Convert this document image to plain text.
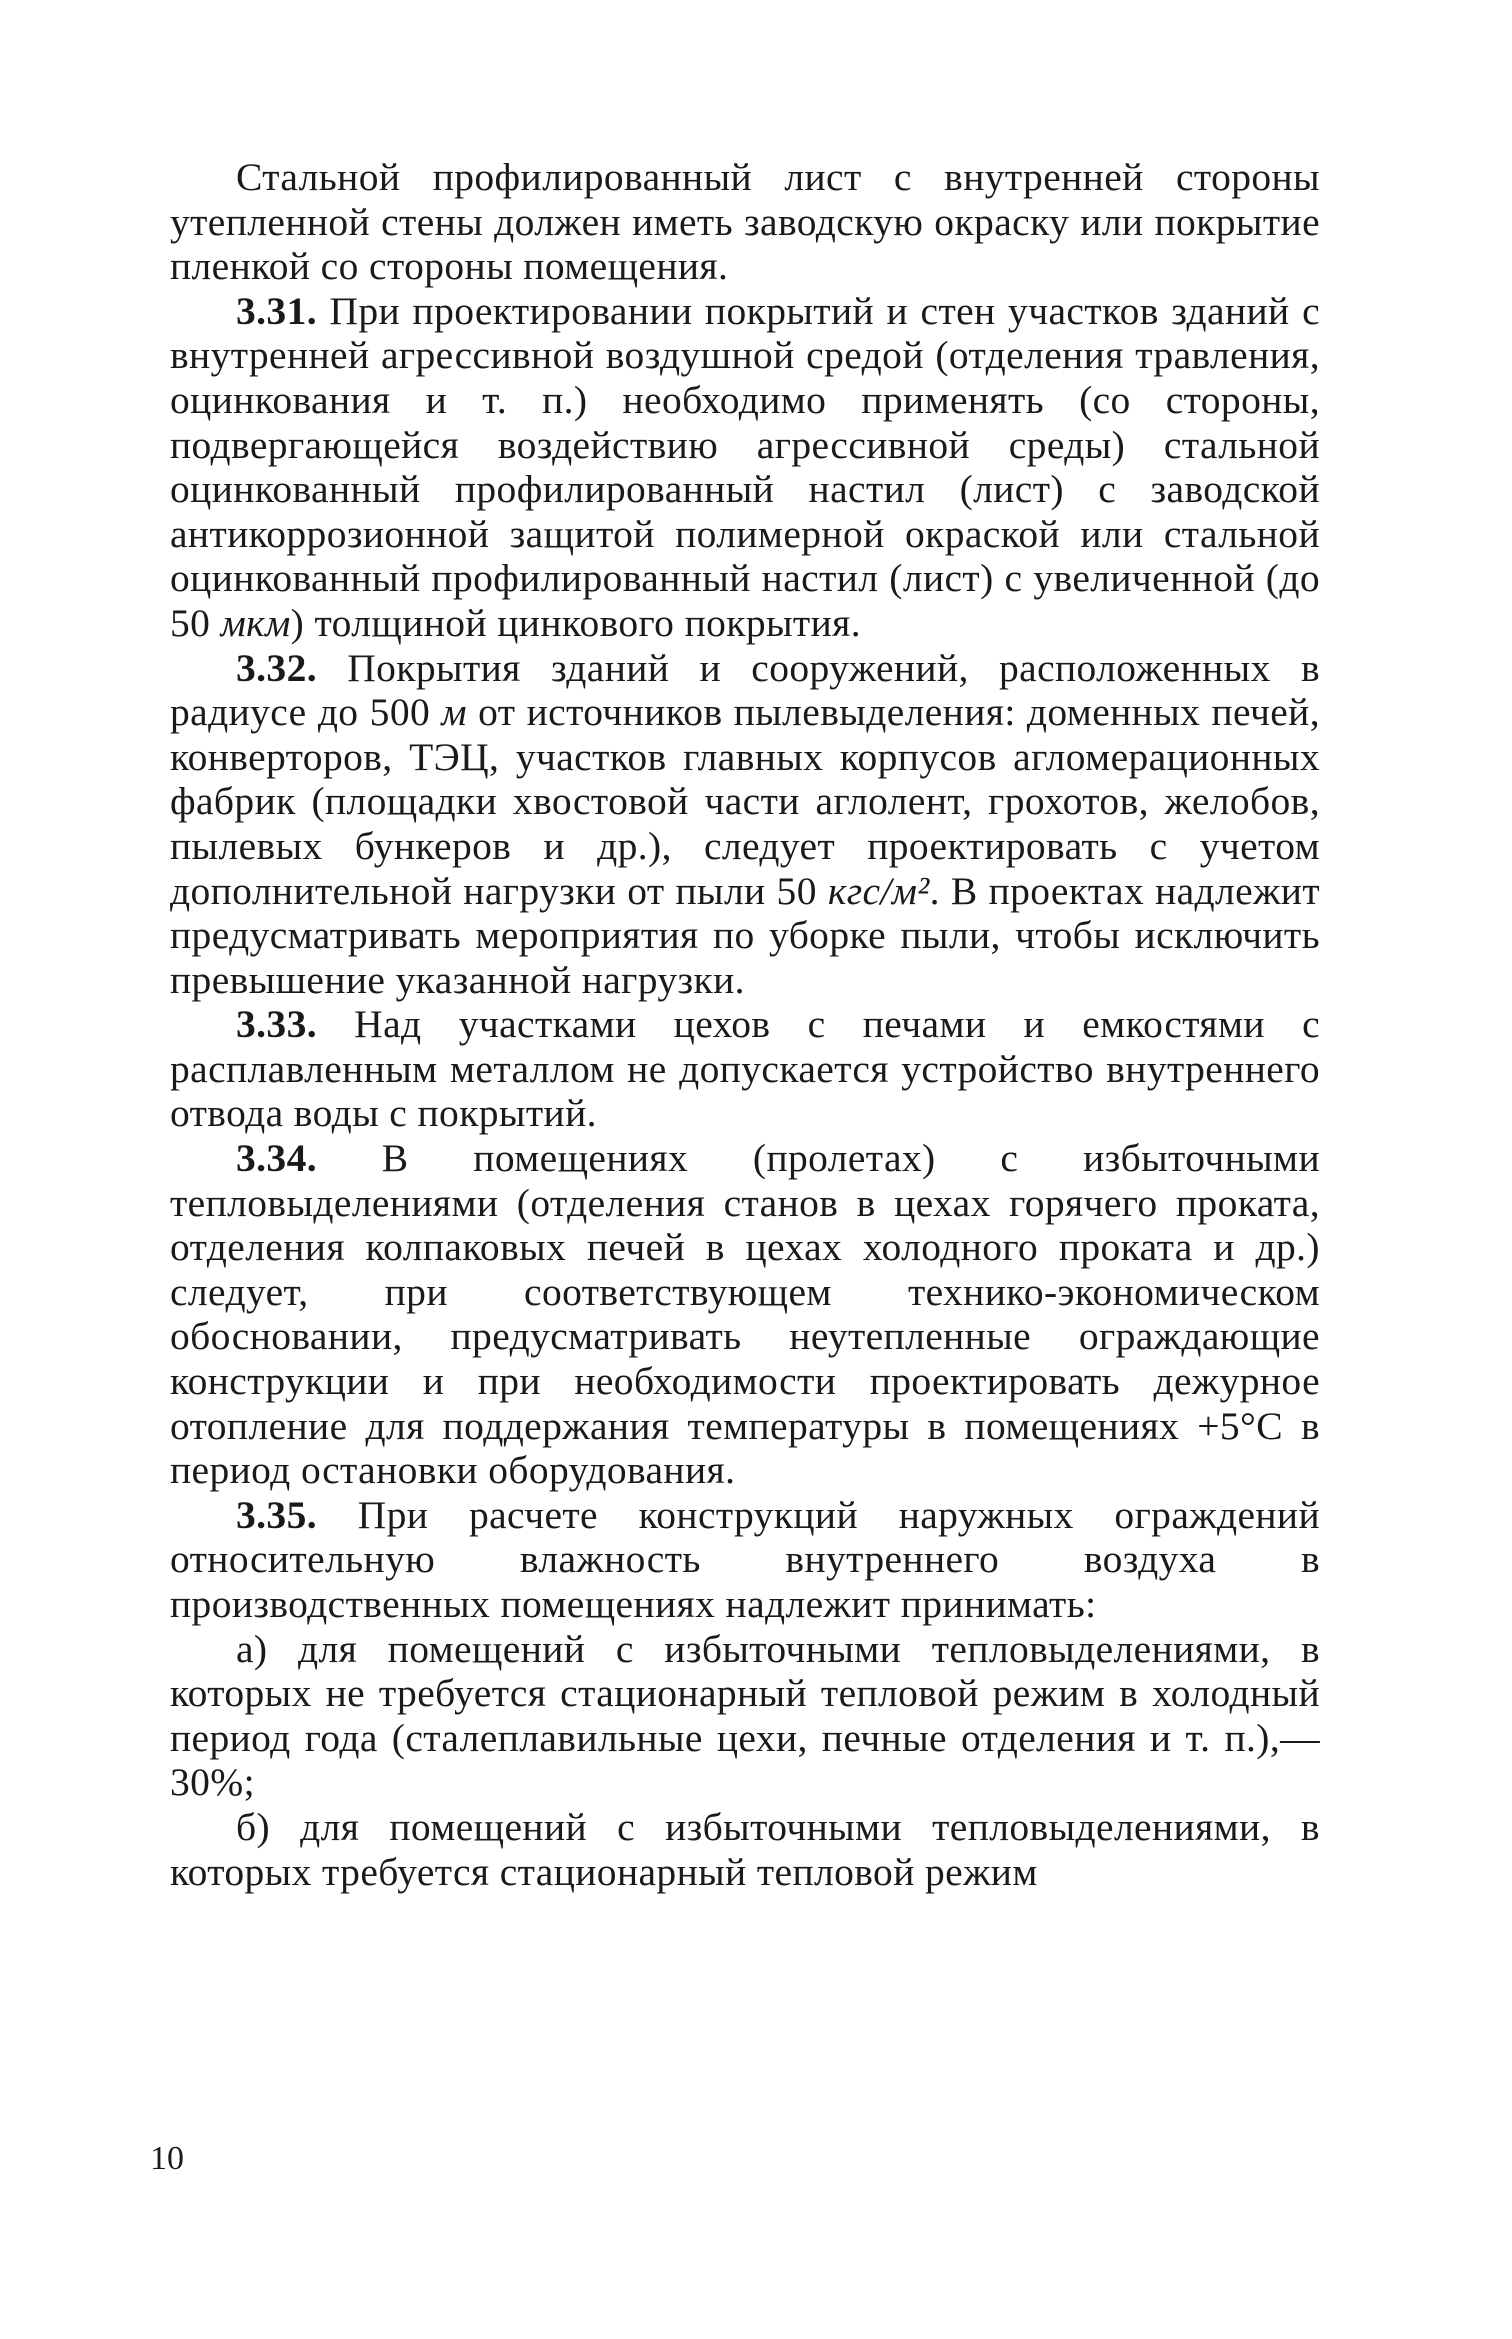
Стальной профилированный лист с внутренней стороны утепленной стены должен иметь заводскую окраску или покрытие пленкой со стороны помещения.

3.31. При проектировании покрытий и стен участков зданий с внутренней агрессивной воздушной средой (отделения травления, оцинкования и т. п.) необходимо применять (со стороны, подвергающейся воздействию агрессивной среды) стальной оцинкованный профилированный настил (лист) с заводской антикоррозионной защитой полимерной окраской или стальной оцинкованный профилированный настил (лист) с увеличенной (до 50 мкм) толщиной цинкового покрытия.

3.32. Покрытия зданий и сооружений, расположенных в радиусе до 500 м от источников пылевыделения: доменных печей, конверторов, ТЭЦ, участков главных корпусов агломерационных фабрик (площадки хвостовой части аглолент, грохотов, желобов, пылевых бункеров и др.), следует проектировать с учетом дополнительной нагрузки от пыли 50 кгс/м². В проектах надлежит предусматривать мероприятия по уборке пыли, чтобы исключить превышение указанной нагрузки.

3.33. Над участками цехов с печами и емкостями с расплавленным металлом не допускается устройство внутреннего отвода воды с покрытий.

3.34. В помещениях (пролетах) с избыточными тепловыделениями (отделения станов в цехах горячего проката, отделения колпаковых печей в цехах холодного проката и др.) следует, при соответствующем технико-экономическом обосновании, предусматривать неутепленные ограждающие конструкции и при необходимости проектировать дежурное отопление для поддержания температуры в помещениях +5°С в период остановки оборудования.

3.35. При расчете конструкций наружных ограждений относительную влажность внутреннего воздуха в производственных помещениях надлежит принимать:

а) для помещений с избыточными тепловыделениями, в которых не требуется стационарный тепловой режим в холодный период года (сталеплавильные цехи, печные отделения и т. п.),— 30%;

б) для помещений с избыточными тепловыделениями, в которых требуется стационарный тепловой режим

10
